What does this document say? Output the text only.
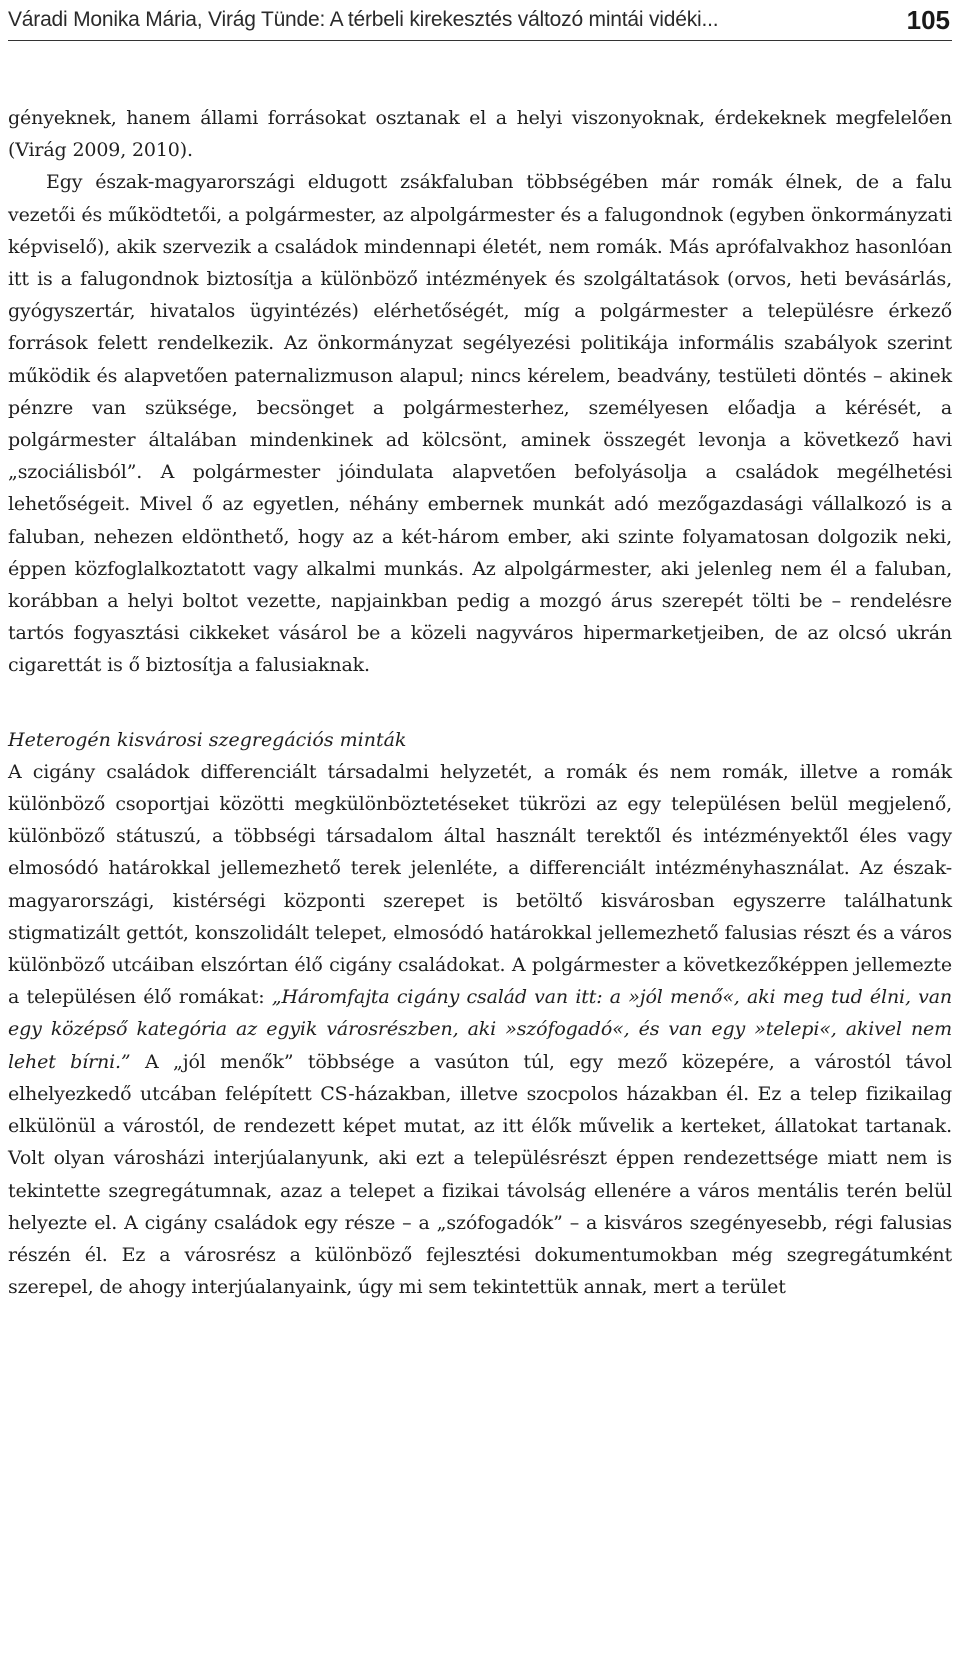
Váradi Monika Mária, Virág Tünde: A térbeli kirekesztés változó mintái vidéki...	105

gényeknek, hanem állami forrásokat osztanak el a helyi viszonyoknak, érdekeknek megfelelően (Virág 2009, 2010).

Egy észak-magyarországi eldugott zsákfaluban többségében már romák élnek, de a falu vezetői és működtetői, a polgármester, az alpolgármester és a falugondnok (egyben önkormányzati képviselő), akik szervezik a családok mindennapi életét, nem romák. Más aprófalvakhoz hasonlóan itt is a falugondnok biztosítja a különböző intézmények és szolgáltatások (orvos, heti bevásárlás, gyógyszertár, hivatalos ügyintézés) elérhetőségét, míg a polgármester a településre érkező források felett rendelkezik. Az önkormányzat segélyezési politikája informális szabályok szerint működik és alapvetően paternalizmuson alapul; nincs kérelem, beadvány, testületi döntés – akinek pénzre van szüksége, becsönget a polgármesterhez, személyesen előadja a kérését, a polgármester általában mindenkinek ad kölcsönt, aminek összegét levonja a következő havi „szociálisból”. A polgármester jóindulata alapvetően befolyásolja a családok megélhetési lehetőségeit. Mivel ő az egyetlen, néhány embernek munkát adó mezőgazdasági vállalkozó is a faluban, nehezen eldönthető, hogy az a két-három ember, aki szinte folyamatosan dolgozik neki, éppen közfoglalkoztatott vagy alkalmi munkás. Az alpolgármester, aki jelenleg nem él a faluban, korábban a helyi boltot vezette, napjainkban pedig a mozgó árus szerepét tölti be – rendelésre tartós fogyasztási cikkeket vásárol be a közeli nagyváros hipermarketjeiben, de az olcsó ukrán cigarettát is ő biztosítja a falusiaknak.

Heterogén kisvárosi szegregációs minták

A cigány családok differenciált társadalmi helyzetét, a romák és nem romák, illetve a romák különböző csoportjai közötti megkülönböztetéseket tükrözi az egy településen belül megjelenő, különböző státuszú, a többségi társadalom által használt terektől és intézményektől éles vagy elmosódó határokkal jellemezhető terek jelenléte, a differenciált intézményhasználat. Az észak-magyarországi, kistérségi központi szerepet is betöltő kisvárosban egyszerre találhatunk stigmatizált gettót, konszolidált telepet, elmosódó határokkal jellemezhető falusias részt és a város különböző utcáiban elszórtan élő cigány családokat. A polgármester a következőképpen jellemezte a településen élő romákat: „Háromfajta cigány család van itt: a »jól menő«, aki meg tud élni, van egy középső kategória az egyik városrészben, aki »szófogadó«, és van egy »telepi«, akivel nem lehet bírni.” A „jól menők” többsége a vasúton túl, egy mező közepére, a várostól távol elhelyezkedő utcában felépített CS-házakban, illetve szocpolos házakban él. Ez a telep fizikailag elkülönül a várostól, de rendezett képet mutat, az itt élők művelik a kerteket, állatokat tartanak. Volt olyan városházi interjúalanyunk, aki ezt a településrészt éppen rendezettsége miatt nem is tekintette szegregátumnak, azaz a telepet a fizikai távolság ellenére a város mentális terén belül helyezte el. A cigány családok egy része – a „szófogadók” – a kisváros szegényesebb, régi falusias részén él. Ez a városrész a különböző fejlesztési dokumentumokban még szegregátumként szerepel, de ahogy interjúalanyaink, úgy mi sem tekintettük annak, mert a terület
